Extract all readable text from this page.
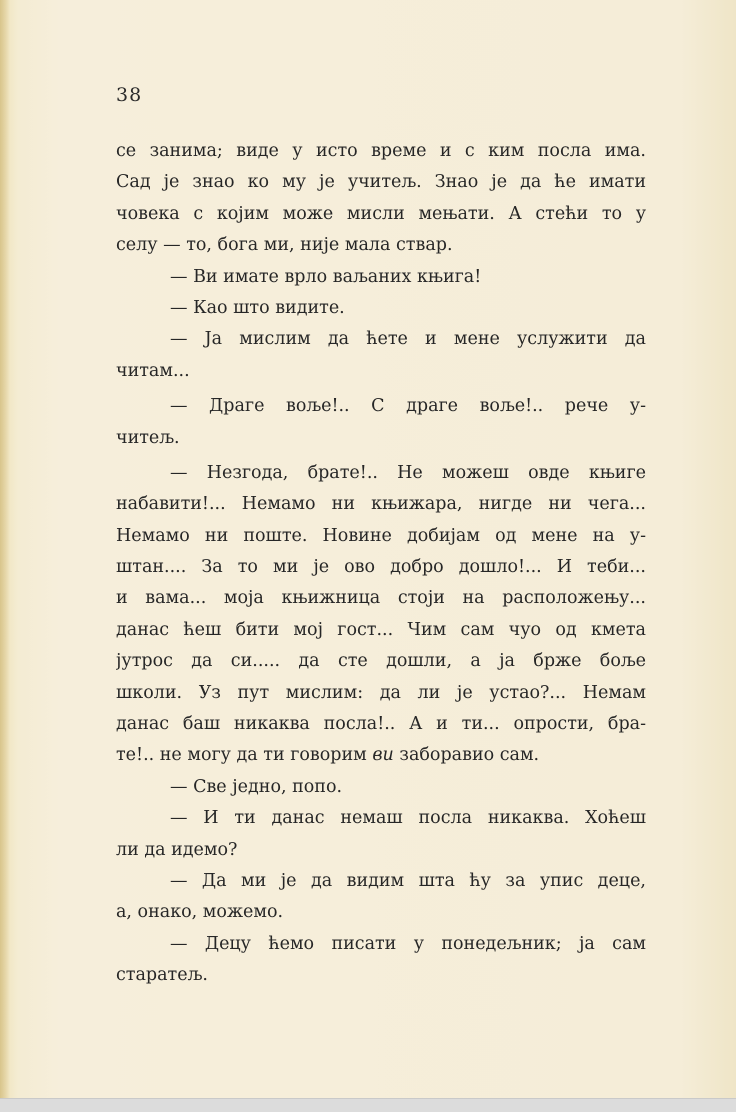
38
се занима; виде у исто време и с ким посла има.
Сад је знао ко му је учитељ. Знао је да ће имати
човека с којим може мисли мењати. А стећи то у
селу — то, бога ми, није мала ствар.
— Ви имате врло ваљаних књига!
— Као што видите.
— Ја мислим да ћете и мене услужити да
читам...
— Драге воље!.. С драге воље!.. рече у-
читељ.
— Незгода, брате!.. Не можеш овде књиге
набавити!... Немамо ни књижара, нигде ни чега...
Немамо ни поште. Новине добијам од мене на у-
штан.... За то ми је ово добро дошло!... И теби...
и вама... моја књижница стоји на расположењу...
данас ћеш бити мој гост... Чим сам чуо од кмета
јутрос да си..... да сте дошли, а ја брже боље
школи. Уз пут мислим: да ли је устао?... Немам
данас баш никаква посла!.. А и ти... опрости, бра-
те!.. не могу да ти говорим ви заборавио сам.
— Све једно, попо.
— И ти данас немаш посла никаква. Хоћеш
ли да идемо?
— Да ми је да видим шта ћу за упис деце,
а, онако, можемо.
— Децу ћемо писати у понедељник; ја сам
старатељ.
